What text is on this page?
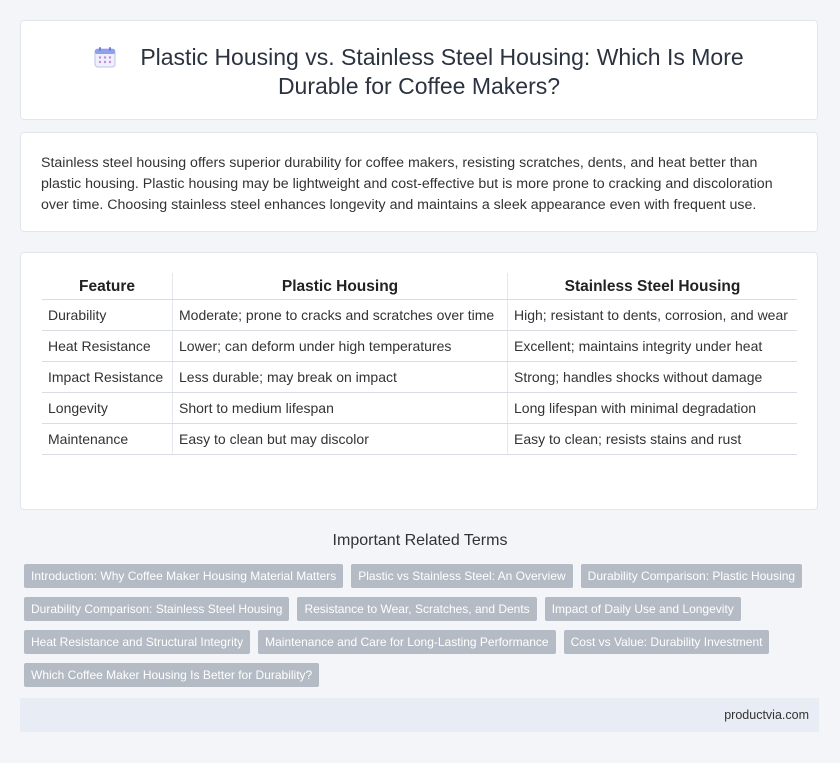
Plastic Housing vs. Stainless Steel Housing: Which Is More Durable for Coffee Makers?

Stainless steel housing offers superior durability for coffee makers, resisting scratches, dents, and heat better than plastic housing. Plastic housing may be lightweight and cost-effective but is more prone to cracking and discoloration over time. Choosing stainless steel enhances longevity and maintains a sleek appearance even with frequent use.

Feature	Plastic Housing	Stainless Steel Housing
Durability	Moderate; prone to cracks and scratches over time	High; resistant to dents, corrosion, and wear
Heat Resistance	Lower; can deform under high temperatures	Excellent; maintains integrity under heat
Impact Resistance	Less durable; may break on impact	Strong; handles shocks without damage
Longevity	Short to medium lifespan	Long lifespan with minimal degradation
Maintenance	Easy to clean but may discolor	Easy to clean; resists stains and rust
Important Related Terms
Introduction: Why Coffee Maker Housing Material Matters	Plastic vs Stainless Steel: An Overview	Durability Comparison: Plastic Housing
Durability Comparison: Stainless Steel Housing	Resistance to Wear, Scratches, and Dents	Impact of Daily Use and Longevity
Heat Resistance and Structural Integrity	Maintenance and Care for Long-Lasting Performance	Cost vs Value: Durability Investment
Which Coffee Maker Housing Is Better for Durability?
productvia.com
